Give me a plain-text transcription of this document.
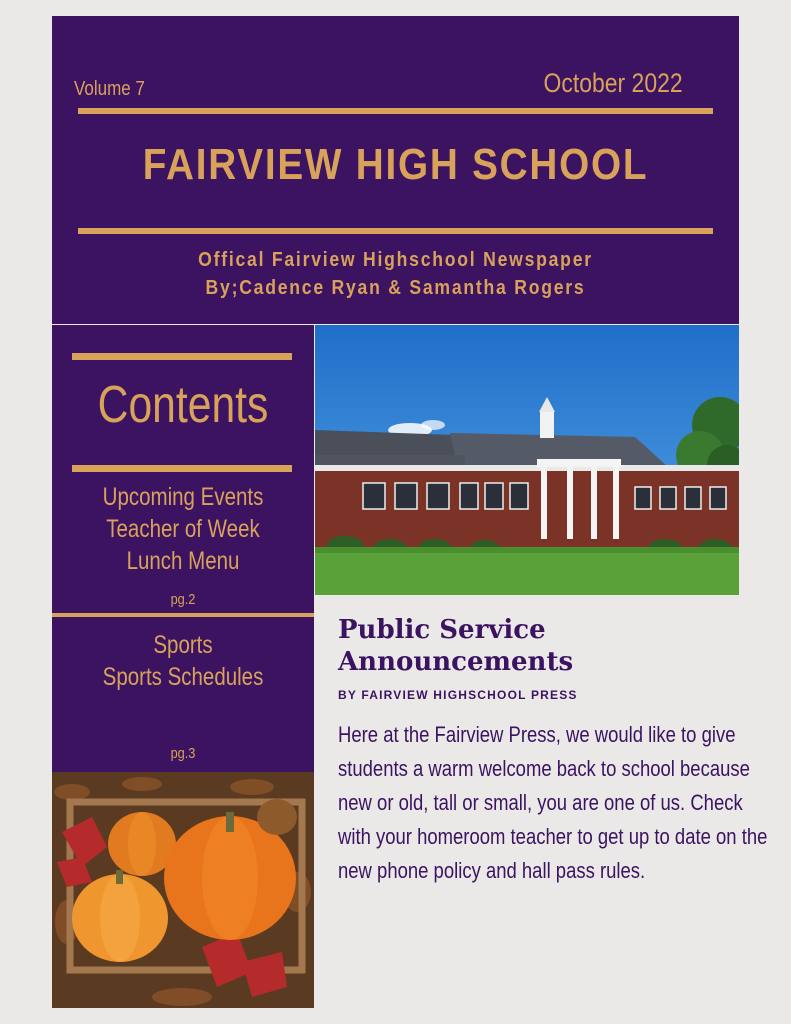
Volume 7	October 2022
FAIRVIEW HIGH SCHOOL
Offical Fairview Highschool Newspaper
By;Cadence Ryan & Samantha Rogers
Contents
Upcoming Events
Teacher of Week
Lunch Menu
pg.2
Sports
Sports Schedules
pg.3
Public Service
Announcements
BY FAIRVIEW HIGHSCHOOL PRESS
Here at the Fairview Press, we would like to give students a warm welcome back to school because new or old, tall or small, you are one of us. Check with your homeroom teacher to get up to date on the new phone policy and hall pass rules.
